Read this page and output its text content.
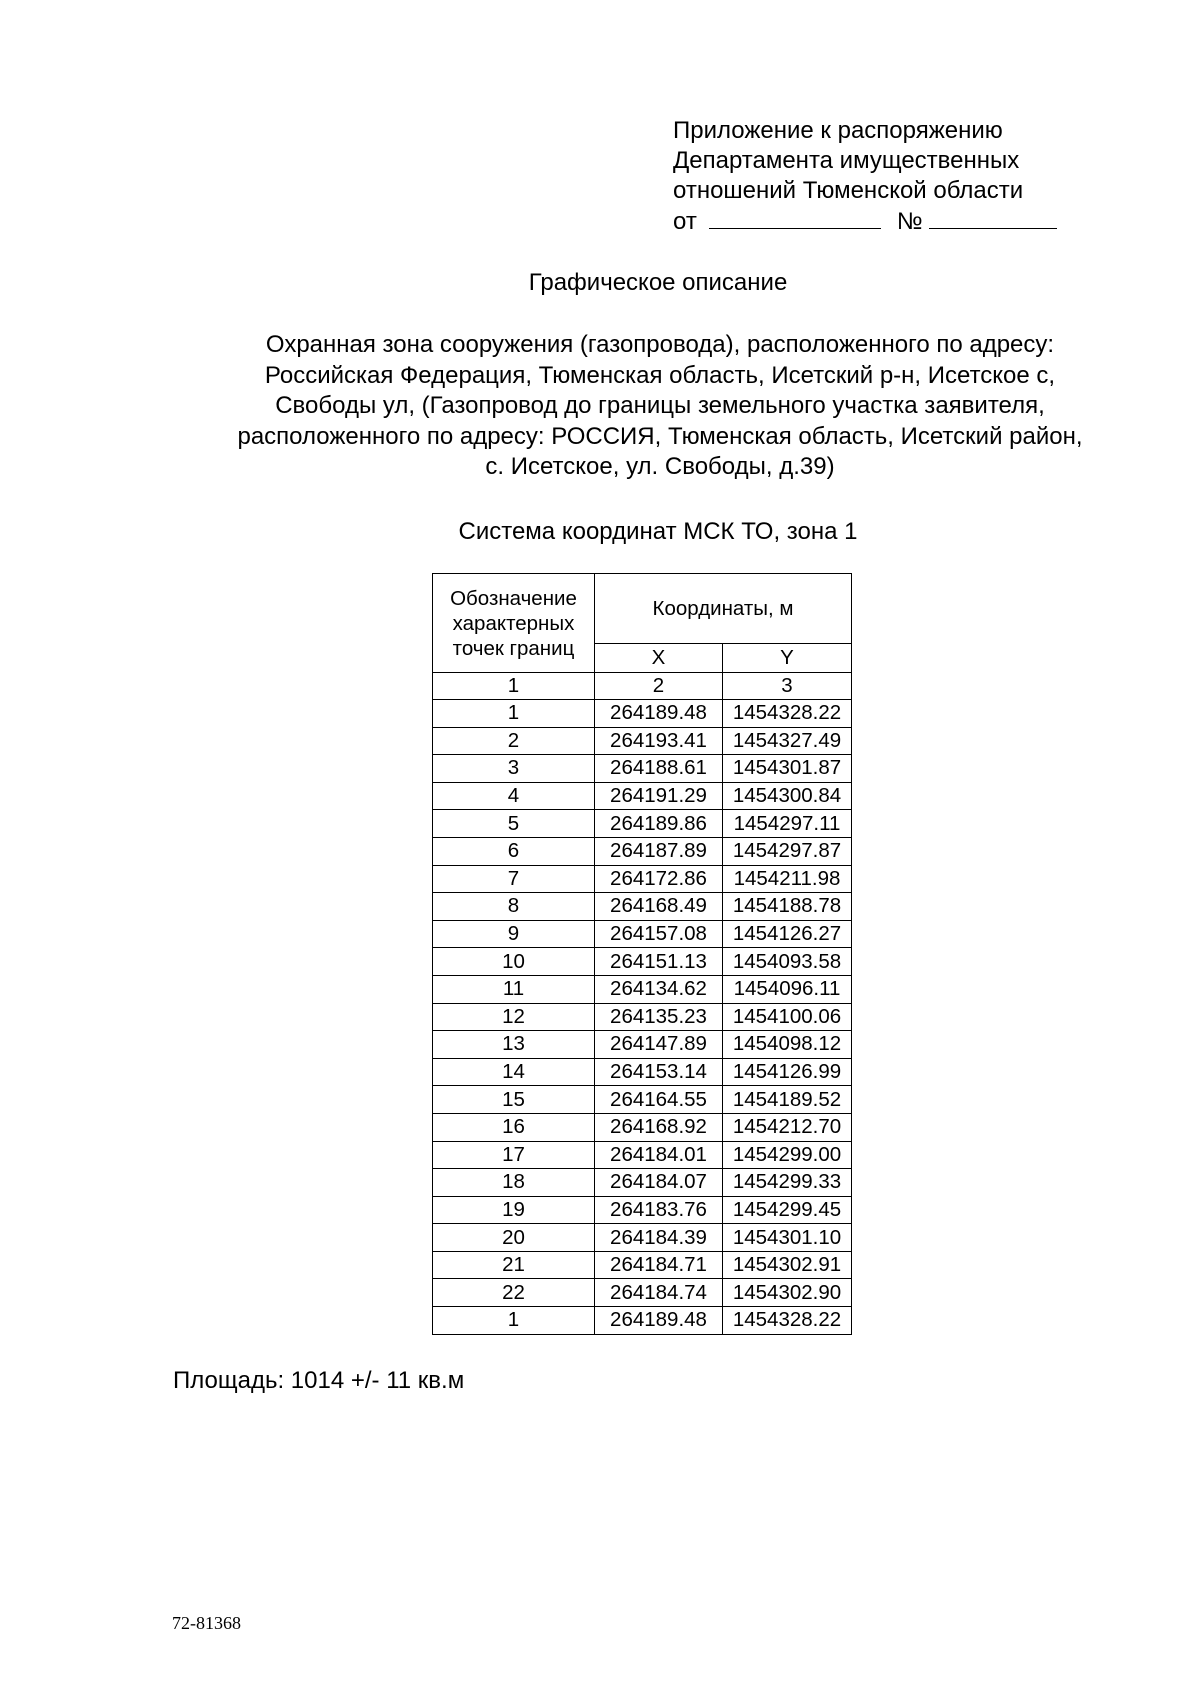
Приложение к распоряжению
Департамента имущественных
отношений Тюменской области
от	№
Графическое описание
Охранная зона сооружения (газопровода), расположенного по адресу:
Российская Федерация, Тюменская область, Исетский р-н, Исетское с,
Свободы ул, (Газопровод до границы земельного участка заявителя,
расположенного по адресу: РОССИЯ, Тюменская область, Исетский район,
с. Исетское, ул. Свободы, д.39)
Система координат МСК ТО, зона 1
Обозначение характерных точек границ	Координаты, м	
	X	Y
1	2	3
1	264189.48	1454328.22
2	264193.41	1454327.49
3	264188.61	1454301.87
4	264191.29	1454300.84
5	264189.86	1454297.11
6	264187.89	1454297.87
7	264172.86	1454211.98
8	264168.49	1454188.78
9	264157.08	1454126.27
10	264151.13	1454093.58
11	264134.62	1454096.11
12	264135.23	1454100.06
13	264147.89	1454098.12
14	264153.14	1454126.99
15	264164.55	1454189.52
16	264168.92	1454212.70
17	264184.01	1454299.00
18	264184.07	1454299.33
19	264183.76	1454299.45
20	264184.39	1454301.10
21	264184.71	1454302.91
22	264184.74	1454302.90
1	264189.48	1454328.22
Площадь: 1014 +/- 11 кв.м
72-81368
